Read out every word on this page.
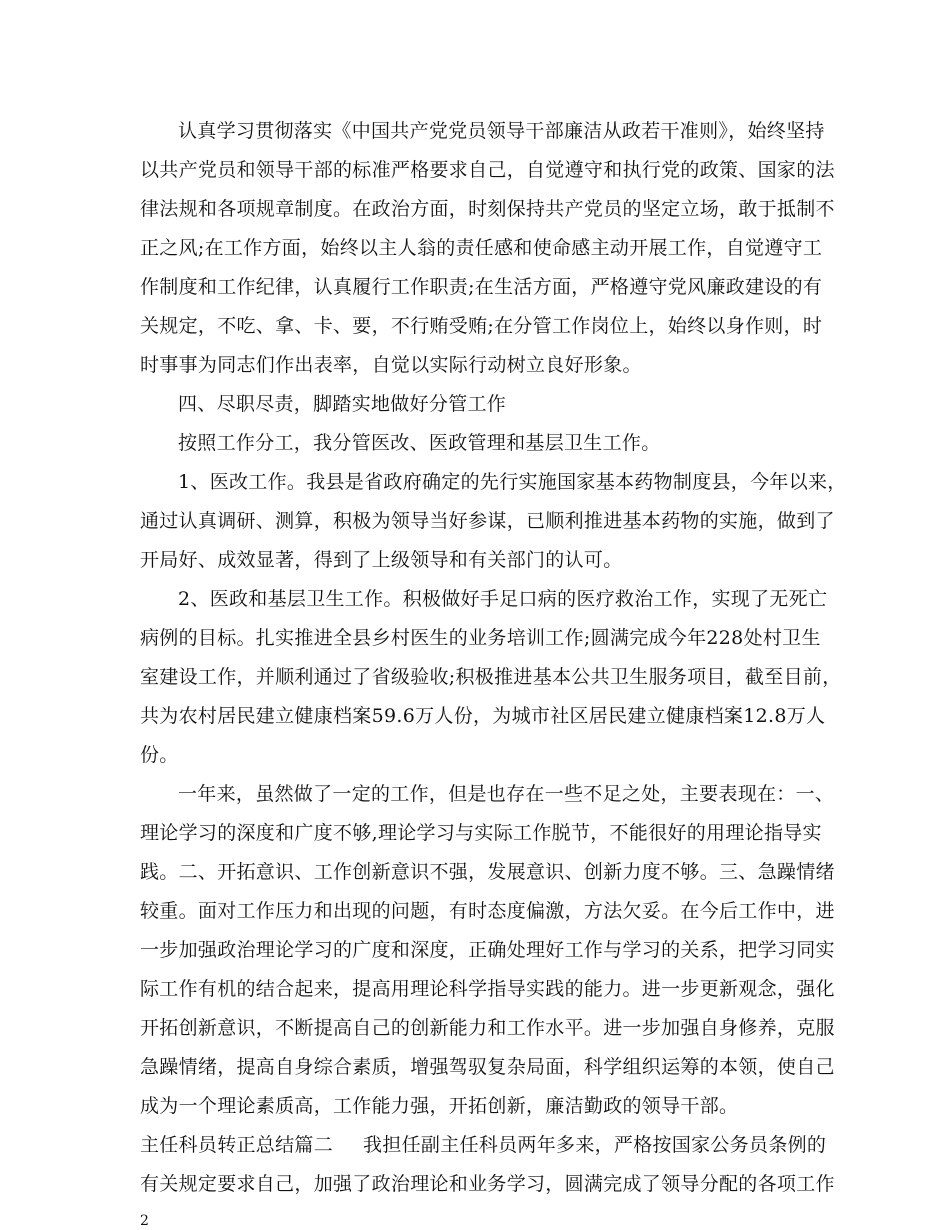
认真学习贯彻落实《中国共产党党员领导干部廉洁从政若干准则》，始终坚持
以共产党员和领导干部的标准严格要求自己，自觉遵守和执行党的政策、国家的法
律法规和各项规章制度。在政治方面，时刻保持共产党员的坚定立场，敢于抵制不
正之风;在工作方面，始终以主人翁的责任感和使命感主动开展工作，自觉遵守工
作制度和工作纪律，认真履行工作职责;在生活方面，严格遵守党风廉政建设的有
关规定，不吃、拿、卡、要，不行贿受贿;在分管工作岗位上，始终以身作则，时
时事事为同志们作出表率，自觉以实际行动树立良好形象。
四、尽职尽责，脚踏实地做好分管工作
按照工作分工，我分管医改、医政管理和基层卫生工作。
1、医改工作。我县是省政府确定的先行实施国家基本药物制度县，今年以来，
通过认真调研、测算，积极为领导当好参谋，已顺利推进基本药物的实施，做到了
开局好、成效显著，得到了上级领导和有关部门的认可。
2、医政和基层卫生工作。积极做好手足口病的医疗救治工作，实现了无死亡
病例的目标。扎实推进全县乡村医生的业务培训工作;圆满完成今年228处村卫生
室建设工作，并顺利通过了省级验收;积极推进基本公共卫生服务项目，截至目前，
共为农村居民建立健康档案59.6万人份，为城市社区居民建立健康档案12.8万人
份。
一年来，虽然做了一定的工作，但是也存在一些不足之处，主要表现在：一、
理论学习的深度和广度不够,理论学习与实际工作脱节，不能很好的用理论指导实
践。二、开拓意识、工作创新意识不强，发展意识、创新力度不够。三、急躁情绪
较重。面对工作压力和出现的问题，有时态度偏激，方法欠妥。在今后工作中，进
一步加强政治理论学习的广度和深度，正确处理好工作与学习的关系，把学习同实
际工作有机的结合起来，提高用理论科学指导实践的能力。进一步更新观念，强化
开拓创新意识，不断提高自己的创新能力和工作水平。进一步加强自身修养，克服
急躁情绪，提高自身综合素质，增强驾驭复杂局面，科学组织运筹的本领，使自己
成为一个理论素质高，工作能力强，开拓创新，廉洁勤政的领导干部。
主任科员转正总结篇二 我担任副主任科员两年多来，严格按国家公务员条例的
有关规定要求自己，加强了政治理论和业务学习，圆满完成了领导分配的各项工作
2
